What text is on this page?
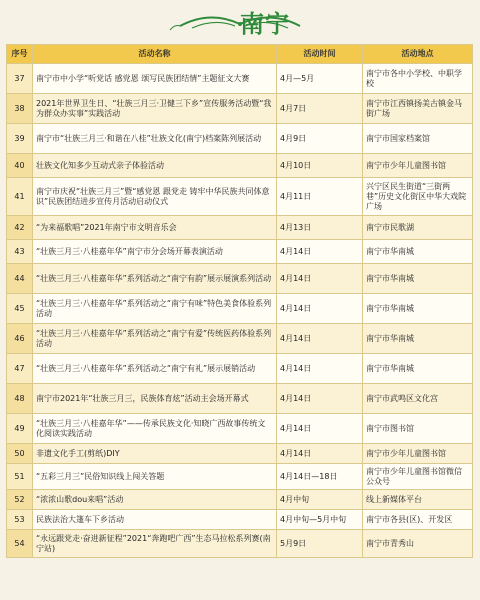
南宁
序号	活动名称	活动时间	活动地点
37	南宁市中小学“听党话 感党恩 颂写民族团结情”主题征文大赛	4月—5月	南宁市各中小学校、中职学校
38	2021年世界卫生日、“壮族三月三·卫健三下乡”宣传服务活动暨“我为群众办实事”实践活动	4月7日	南宁市江西镇扬美古镇金马街广场
39	南宁市“壮族三月三·和谐在八桂”壮族文化(南宁)档案陈列展活动	4月9日	南宁市国家档案馆
40	壮族文化知多少互动式亲子体验活动	4月10日	南宁市少年儿童图书馆
41	南宁市庆祝“壮族三月三”暨“感党恩 跟党走 铸牢中华民族共同体意识”民族团结进步宣传月活动启动仪式	4月11日	兴宁区民生街道“三街两巷”历史文化街区中华大戏院广场
42	“为来福歌唱”2021年南宁市文明音乐会	4月13日	南宁市民歌湖
43	“壮族三月三·八桂嘉年华”南宁市分会场开幕表演活动	4月14日	南宁市华南城
44	“壮族三月三·八桂嘉年华”系列活动之“南宁有韵”展示展演系列活动	4月14日	南宁市华南城
45	“壮族三月三·八桂嘉年华”系列活动之“南宁有味”特色美食体验系列活动	4月14日	南宁市华南城
46	“壮族三月三·八桂嘉年华”系列活动之“南宁有爱”传统医药体验系列活动	4月14日	南宁市华南城
47	“壮族三月三·八桂嘉年华”系列活动之“南宁有礼”展示展销活动	4月14日	南宁市华南城
48	南宁市2021年“壮族三月三，民族体育炫”活动主会场开幕式	4月14日	南宁市武鸣区文化宫
49	“壮族三月三·八桂嘉年华”——传承民族文化·知晓广西故事传统文化阅读实践活动	4月14日	南宁市图书馆
50	非遗文化手工(剪纸)DIY	4月14日	南宁市少年儿童图书馆
51	“五彩三月三”民俗知识线上闯关答题	4月14日—18日	南宁市少年儿童图书馆微信公众号
52	“浓浓山歌dou来唱”活动	4月中旬	线上新媒体平台
53	民族法治大篷车下乡活动	4月中旬—5月中旬	南宁市各县(区)、开发区
54	“永远跟党走·奋进新征程”2021“奔跑吧广西”生态马拉松系列赛(南宁站)	5月9日	南宁市青秀山
